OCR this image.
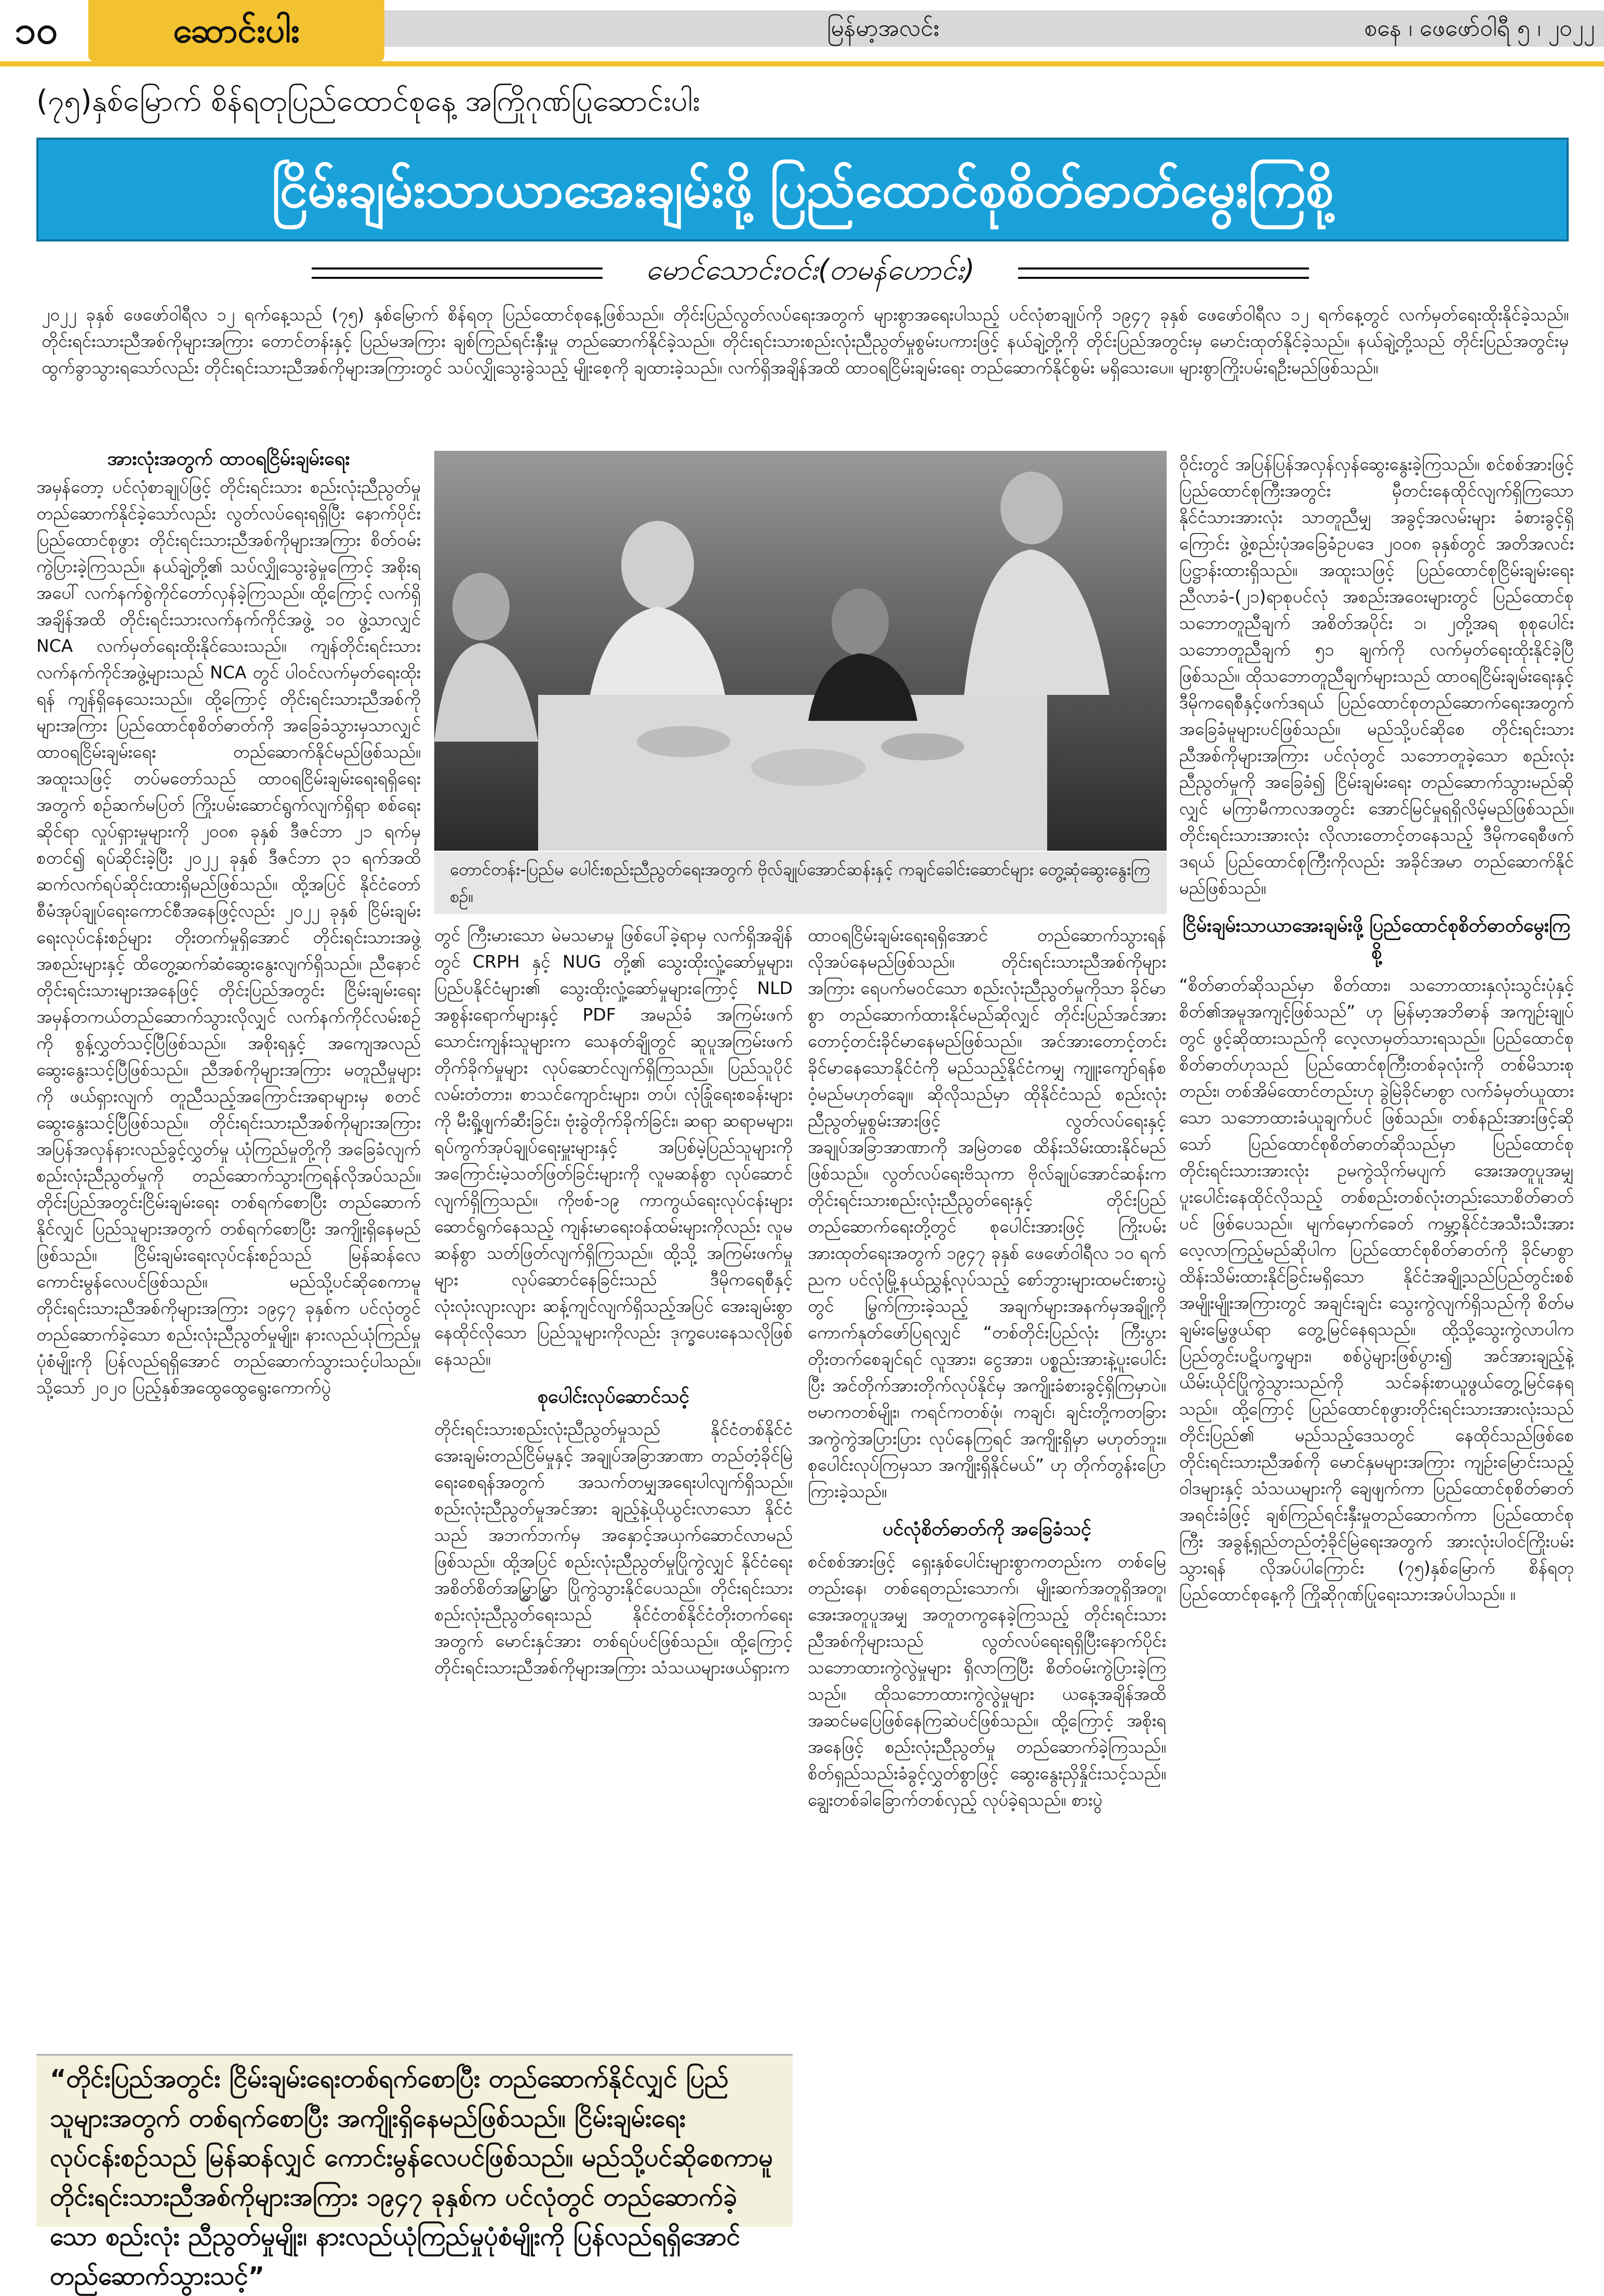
ဆောင်းပါး
၁၀	မြန်မာ့အလင်း	စနေ ၊ ဖေဖော်ဝါရီ ၅ ၊ ၂၀၂၂
(၇၅)နှစ်မြောက် စိန်ရတုပြည်ထောင်စုနေ့ အကြိုဂုဏ်ပြုဆောင်းပါး
ငြိမ်းချမ်းသာယာအေးချမ်းဖို့ ပြည်ထောင်စုစိတ်ဓာတ်မွေးကြစို့
မောင်သောင်းဝင်း(တမန်ဟောင်း)
၂၀၂၂ ခုနှစ် ဖေဖော်ဝါရီလ ၁၂ ရက်နေ့သည် (၇၅) နှစ်မြောက် စိန်ရတု ပြည်ထောင်စုနေ့ဖြစ်သည်။ တိုင်းပြည်လွတ်လပ်ရေးအတွက် များစွာအရေးပါသည့် ပင်လုံစာချုပ်ကို ၁၉၄၇ ခုနှစ် ဖေဖော်ဝါရီလ ၁၂ ရက်နေ့တွင် လက်မှတ်ရေးထိုးနိုင်ခဲ့သည်။ တိုင်းရင်းသားညီအစ်ကိုများအကြား တောင်တန်းနှင့် ပြည်မအကြား ချစ်ကြည်ရင်းနှီးမှု တည်ဆောက်နိုင်ခဲ့သည်။ တိုင်းရင်းသားစည်းလုံးညီညွတ်မှုစွမ်းပကားဖြင့် နယ်ချဲ့တို့ကို တိုင်းပြည်အတွင်းမှ မောင်းထုတ်နိုင်ခဲ့သည်။ နယ်ချဲ့တို့သည် တိုင်းပြည်အတွင်းမှ ထွက်ခွာသွားရသော်လည်း တိုင်းရင်းသားညီအစ်ကိုများအကြားတွင် သပ်လျှိုသွေးခွဲသည့် မျိုးစေ့ကို ချထားခဲ့သည်။ လက်ရှိအချိန်အထိ ထာဝရငြိမ်းချမ်းရေး တည်ဆောက်နိုင်စွမ်း မရှိသေးပေ။ များစွာကြိုးပမ်းရဦးမည်ဖြစ်သည်။
တောင်တန်း-ပြည်မ ပေါင်းစည်းညီညွတ်ရေးအတွက် ဗိုလ်ချုပ်အောင်ဆန်းနှင့် ကချင်ခေါင်းဆောင်များ တွေ့ဆုံဆွေးနွေးကြစဉ်။
အားလုံးအတွက် ထာဝရငြိမ်းချမ်းရေး
အမှန်တော့ ပင်လုံစာချုပ်ဖြင့် တိုင်းရင်းသား စည်းလုံးညီညွတ်မှု တည်ဆောက်နိုင်ခဲ့သော်လည်း လွတ်လပ်ရေးရရှိပြီး နောက်ပိုင်း ပြည်ထောင်စုဖွား တိုင်းရင်းသားညီအစ်ကိုများအကြား စိတ်ဝမ်းကွဲပြားခဲ့ကြသည်။ နယ်ချဲ့တို့၏ သပ်လျှိုသွေးခွဲမှုကြောင့် အစိုးရအပေါ် လက်နက်စွဲကိုင်တော်လှန်ခဲ့ကြသည်။ ထို့ကြောင့် လက်ရှိအချိန်အထိ တိုင်းရင်းသားလက်နက်ကိုင်အဖွဲ့ ၁၀ ဖွဲ့သာလျှင် NCA လက်မှတ်ရေးထိုးနိုင်သေးသည်။ ကျန်တိုင်းရင်းသားလက်နက်ကိုင်အဖွဲ့များသည် NCA တွင် ပါဝင်လက်မှတ်ရေးထိုးရန် ကျန်ရှိနေသေးသည်။ ထို့ကြောင့် တိုင်းရင်းသားညီအစ်ကိုများအကြား ပြည်ထောင်စုစိတ်ဓာတ်ကို အခြေခံသွားမှသာလျှင် ထာဝရငြိမ်းချမ်းရေး တည်ဆောက်နိုင်မည်ဖြစ်သည်။ အထူးသဖြင့် တပ်မတော်သည် ထာဝရငြိမ်းချမ်းရေးရရှိရေးအတွက် စဉ်ဆက်မပြတ် ကြိုးပမ်းဆောင်ရွက်လျက်ရှိရာ စစ်ရေးဆိုင်ရာ လှုပ်ရှားမှုများကို ၂၀၀၈ ခုနှစ် ဒီဇင်ဘာ ၂၁ ရက်မှစတင်၍ ရပ်ဆိုင်းခဲ့ပြီး ၂၀၂၂ ခုနှစ် ဒီဇင်ဘာ ၃၁ ရက်အထိ ဆက်လက်ရပ်ဆိုင်းထားရှိမည်ဖြစ်သည်။ ထို့အပြင် နိုင်ငံတော်စီမံအုပ်ချုပ်ရေးကောင်စီအနေဖြင့်လည်း ၂၀၂၂ ခုနှစ် ငြိမ်းချမ်းရေးလုပ်ငန်းစဉ်များ တိုးတက်မှုရှိအောင် တိုင်းရင်းသားအဖွဲ့အစည်းများနှင့် ထိတွေ့ဆက်ဆံဆွေးနွေးလျက်ရှိသည်။ ညီနောင် တိုင်းရင်းသားများအနေဖြင့် တိုင်းပြည်အတွင်း ငြိမ်းချမ်းရေးအမှန်တကယ်တည်ဆောက်သွားလိုလျှင် လက်နက်ကိုင်လမ်းစဉ်ကို စွန့်လွှတ်သင့်ပြီဖြစ်သည်။ အစိုးရနှင့် အကျေအလည် ဆွေးနွေးသင့်ပြီဖြစ်သည်။ ညီအစ်ကိုများအကြား မတူညီမှုများကို ဖယ်ရှားလျက် တူညီသည့်အကြောင်းအရာများမှ စတင်ဆွေးနွေးသင့်ပြီဖြစ်သည်။ တိုင်းရင်းသားညီအစ်ကိုများအကြား အပြန်အလှန်နားလည်ခွင့်လွှတ်မှု ယုံကြည်မှုတို့ကို အခြေခံလျက် စည်းလုံးညီညွတ်မှုကို တည်ဆောက်သွားကြရန်လိုအပ်သည်။ တိုင်းပြည်အတွင်းငြိမ်းချမ်းရေး တစ်ရက်စောပြီး တည်ဆောက်နိုင်လျှင် ပြည်သူများအတွက် တစ်ရက်စောပြီး အကျိုးရှိနေမည်ဖြစ်သည်။ ငြိမ်းချမ်းရေးလုပ်ငန်းစဉ်သည် မြန်ဆန်လေ ကောင်းမွန်လေပင်ဖြစ်သည်။ မည်သို့ပင်ဆိုစေကာမူ တိုင်းရင်းသားညီအစ်ကိုများအကြား ၁၉၄၇ ခုနှစ်က ပင်လုံတွင် တည်ဆောက်ခဲ့သော စည်းလုံးညီညွတ်မှုမျိုး၊ နားလည်ယုံကြည်မှု ပုံစံမျိုးကို ပြန်လည်ရရှိအောင် တည်ဆောက်သွားသင့်ပါသည်။ သို့သော် ၂၀၂၀ ပြည့်နှစ်အထွေထွေရွေးကောက်ပွဲ
တွင် ကြီးမားသော မဲမသမာမှု ဖြစ်ပေါ်ခဲ့ရာမှ လက်ရှိအချိန်တွင် CRPH နှင့် NUG တို့၏ သွေးထိုးလှုံ့ဆော်မှုများ၊ ပြည်ပနိုင်ငံများ၏ သွေးထိုးလှုံ့ဆော်မှုများကြောင့် NLD အစွန်းရောက်များနှင့် PDF အမည်ခံ အကြမ်းဖက်သောင်းကျန်းသူများက သေနတ်ချိုတွင် ဆူပူအကြမ်းဖက်တိုက်ခိုက်မှုများ လုပ်ဆောင်လျက်ရှိကြသည်။ ပြည်သူပိုင် လမ်းတံတား၊ စာသင်ကျောင်းများ၊ တပ်၊ လုံခြုံရေးစခန်းများကို မီးရှို့ဖျက်ဆီးခြင်း၊ ဗုံးခွဲတိုက်ခိုက်ခြင်း၊ ဆရာ ဆရာမများ၊ ရပ်ကွက်အုပ်ချုပ်ရေးမှူးများနှင့် အပြစ်မဲ့ပြည်သူများကို အကြောင်းမဲ့သတ်ဖြတ်ခြင်းများကို လူမဆန်စွာ လုပ်ဆောင်လျက်ရှိကြသည်။ ကိုဗစ်-၁၉ ကာကွယ်ရေးလုပ်ငန်းများ ဆောင်ရွက်နေသည့် ကျန်းမာရေးဝန်ထမ်းများကိုလည်း လူမဆန်စွာ သတ်ဖြတ်လျက်ရှိကြသည်။ ထို့သို့ အကြမ်းဖက်မှုများ လုပ်ဆောင်နေခြင်းသည် ဒီမိုကရေစီနှင့် လုံးလုံးလျားလျား ဆန့်ကျင်လျက်ရှိသည့်အပြင် အေးချမ်းစွာနေထိုင်လိုသော ပြည်သူများကိုလည်း ဒုက္ခပေးနေသလိုဖြစ်နေသည်။
စုပေါင်းလုပ်ဆောင်သင့်
တိုင်းရင်းသားစည်းလုံးညီညွတ်မှုသည် နိုင်ငံတစ်နိုင်ငံ အေးချမ်းတည်ငြိမ်မှုနှင့် အချုပ်အခြာအာဏာ တည်တံ့ခိုင်မြဲရေးစေရန်အတွက် အသက်တမျှအရေးပါလျက်ရှိသည်။ စည်းလုံးညီညွတ်မှုအင်အား ချည့်နဲ့ယိုယွင်းလာသော နိုင်ငံသည် အဘက်ဘက်မှ အနှောင့်အယှက်ဆောင်လာမည်ဖြစ်သည်။ ထို့အပြင် စည်းလုံးညီညွတ်မှုပြိုကွဲလျှင် နိုင်ငံရေး အစိတ်စိတ်အမြွှာမြွှာ ပြိုကွဲသွားနိုင်ပေသည်။ တိုင်းရင်းသားစည်းလုံးညီညွတ်ရေးသည် နိုင်ငံတစ်နိုင်ငံတိုးတက်ရေးအတွက် မောင်းနှင်အား တစ်ရပ်ပင်ဖြစ်သည်။ ထို့ကြောင့် တိုင်းရင်းသားညီအစ်ကိုများအကြား သံသယများဖယ်ရှားက
ထာဝရငြိမ်းချမ်းရေးရရှိအောင် တည်ဆောက်သွားရန် လိုအပ်နေမည်ဖြစ်သည်။ တိုင်းရင်းသားညီအစ်ကိုများအကြား ရေပက်မဝင်သော စည်းလုံးညီညွတ်မှုကိုသာ ခိုင်မာစွာ တည်ဆောက်ထားနိုင်မည်ဆိုလျှင် တိုင်းပြည်အင်အား တောင့်တင်းခိုင်မာနေမည်ဖြစ်သည်။ အင်အားတောင့်တင်းခိုင်မာနေသောနိုင်ငံကို မည်သည့်နိုင်ငံကမျှ ကျူးကျော်ရန်စဝံ့မည်မဟုတ်ချေ။ ဆိုလိုသည်မှာ ထိုနိုင်ငံသည် စည်းလုံးညီညွတ်မှုစွမ်းအားဖြင့် လွတ်လပ်ရေးနှင့် အချုပ်အခြာအာဏာကို အမြဲတစေ ထိန်းသိမ်းထားနိုင်မည်ဖြစ်သည်။ လွတ်လပ်ရေးဗိသုကာ ဗိုလ်ချုပ်အောင်ဆန်းက တိုင်းရင်းသားစည်းလုံးညီညွတ်ရေးနှင့် တိုင်းပြည်တည်ဆောက်ရေးတို့တွင် စုပေါင်းအားဖြင့် ကြိုးပမ်းအားထုတ်ရေးအတွက် ၁၉၄၇ ခုနှစ် ဖေဖော်ဝါရီလ ၁၀ ရက်ညက ပင်လုံမြို့နယ်ညွှန့်လုပ်သည့် စော်ဘွားများထမင်းစားပွဲတွင် မြွက်ကြားခဲ့သည့် အချက်များအနက်မှအချို့ကို ကောက်နုတ်ဖော်ပြရလျှင် “တစ်တိုင်းပြည်လုံး ကြီးပွားတိုးတက်စေချင်ရင် လူအား၊ ငွေအား၊ ပစ္စည်းအားနဲ့ပူးပေါင်းပြီး အင်တိုက်အားတိုက်လုပ်နိုင်မှ အကျိုးခံစားခွင့်ရှိကြမှာပဲ။ ဗမာကတစ်မျိုး၊ ကရင်ကတစ်ဖုံ၊ ကချင်၊ ချင်းတို့ကတခြား အကွဲကွဲအပြားပြား လုပ်နေကြရင် အကျိုးရှိမှာ မဟုတ်ဘူး။ စုပေါင်းလုပ်ကြမှသာ အကျိုးရှိနိုင်မယ်” ဟု တိုက်တွန်းပြောကြားခဲ့သည်။
ပင်လုံစိတ်ဓာတ်ကို အခြေခံသင့်
စင်စစ်အားဖြင့် ရှေးနှစ်ပေါင်းများစွာကတည်းက တစ်မြေတည်းနေ၊ တစ်ရေတည်းသောက်၊ မျိုးဆက်အတူရှိအတူ၊ အေးအတူပူအမျှ အတူတကွနေခဲ့ကြသည့် တိုင်းရင်းသားညီအစ်ကိုများသည် လွတ်လပ်ရေးရရှိပြီးနောက်ပိုင်း သဘောထားကွဲလွဲမှုများ ရှိလာကြပြီး စိတ်ဝမ်းကွဲပြားခဲ့ကြသည်။ ထိုသဘောထားကွဲလွဲမှုများ ယနေ့အချိန်အထိ အဆင်မပြေဖြစ်နေကြဆဲပင်ဖြစ်သည်။ ထို့ကြောင့် အစိုးရအနေဖြင့် စည်းလုံးညီညွတ်မှု တည်ဆောက်ခဲ့ကြသည်။ စိတ်ရှည်သည်းခံခွင့်လွှတ်စွာဖြင့် ဆွေးနွေးညှိနှိုင်းသင့်သည်။ ချွေးတစ်ခါခြောက်တစ်လှည့် လုပ်ခဲ့ရသည်။ စားပွဲ
ဝိုင်းတွင် အပြန်ပြန်အလှန်လှန်ဆွေးနွေးခဲ့ကြသည်။ စင်စစ်အားဖြင့် ပြည်ထောင်စုကြီးအတွင်း မှီတင်းနေထိုင်လျက်ရှိကြသော နိုင်ငံသားအားလုံး သာတူညီမျှ အခွင့်အလမ်းများ ခံစားခွင့်ရှိကြောင်း ဖွဲ့စည်းပုံအခြေခံဥပဒေ ၂၀၀၈ ခုနှစ်တွင် အတိအလင်း ပြဋ္ဌာန်းထားရှိသည်။ အထူးသဖြင့် ပြည်ထောင်စုငြိမ်းချမ်းရေးညီလာခံ-(၂၁)ရာစုပင်လုံ အစည်းအဝေးများတွင် ပြည်ထောင်စုသဘောတူညီချက် အစိတ်အပိုင်း ၁၊ ၂တို့အရ စုစုပေါင်း သဘောတူညီချက် ၅၁ ချက်ကို လက်မှတ်ရေးထိုးနိုင်ခဲ့ပြီဖြစ်သည်။ ထိုသဘောတူညီချက်များသည် ထာဝရငြိမ်းချမ်းရေးနှင့် ဒီမိုကရေစီနှင့်ဖက်ဒရယ် ပြည်ထောင်စုတည်ဆောက်ရေးအတွက် အခြေခံမူများပင်ဖြစ်သည်။ မည်သို့ပင်ဆိုစေ တိုင်းရင်းသားညီအစ်ကိုများအကြား ပင်လုံတွင် သဘောတူခဲ့သော စည်းလုံးညီညွတ်မှုကို အခြေခံ၍ ငြိမ်းချမ်းရေး တည်ဆောက်သွားမည်ဆိုလျှင် မကြာမီကာလအတွင်း အောင်မြင်မှုရရှိလိမ့်မည်ဖြစ်သည်။ တိုင်းရင်းသားအားလုံး လိုလားတောင့်တနေသည့် ဒီမိုကရေစီဖက်ဒရယ် ပြည်ထောင်စုကြီးကိုလည်း အခိုင်အမာ တည်ဆောက်နိုင်မည်ဖြစ်သည်။
ငြိမ်းချမ်းသာယာအေးချမ်းဖို့ ပြည်ထောင်စုစိတ်ဓာတ်မွေးကြစို့
“စိတ်ဓာတ်ဆိုသည်မှာ စိတ်ထား၊ သဘောထားနှလုံးသွင်းပုံနှင့် စိတ်၏အမူအကျင့်ဖြစ်သည်” ဟု မြန်မာ့အဘိဓာန် အကျဉ်းချုပ်တွင် ဖွင့်ဆိုထားသည်ကို လေ့လာမှတ်သားရသည်။ ပြည်ထောင်စုစိတ်ဓာတ်ဟုသည် ပြည်ထောင်စုကြီးတစ်ခုလုံးကို တစ်မိသားစုတည်း၊ တစ်အိမ်ထောင်တည်းဟု ခွဲမြဲခိုင်မာစွာ လက်ခံမှတ်ယူထားသော သဘောထားခံယူချက်ပင် ဖြစ်သည်။ တစ်နည်းအားဖြင့်ဆိုသော် ပြည်ထောင်စုစိတ်ဓာတ်ဆိုသည်မှာ ပြည်ထောင်စုတိုင်းရင်းသားအားလုံး ဥမကွဲသိုက်မပျက် အေးအတူပူအမျှ ပူးပေါင်းနေထိုင်လိုသည့် တစ်စည်းတစ်လုံးတည်းသောစိတ်ဓာတ်ပင် ဖြစ်ပေသည်။ မျက်မှောက်ခေတ် ကမ္ဘာ့နိုင်ငံအသီးသီးအား လေ့လာကြည့်မည်ဆိုပါက ပြည်ထောင်စုစိတ်ဓာတ်ကို ခိုင်မာစွာထိန်းသိမ်းထားနိုင်ခြင်းမရှိသော နိုင်ငံအချို့သည်ပြည်တွင်းစစ်အမျိုးမျိုးအကြားတွင် အချင်းချင်း သွေးကွဲလျက်ရှိသည်ကို စိတ်မချမ်းမြေ့ဖွယ်ရာ တွေ့မြင်နေရသည်။ ထို့သို့သွေးကွဲလာပါက ပြည်တွင်းပဋိပက္ခများ၊ စစ်ပွဲများဖြစ်ပွား၍ အင်အားချည့်နဲ့ ယိမ်းယိုင်ပြိုကွဲသွားသည်ကို သင်ခန်းစာယူဖွယ်တွေ့မြင်နေရသည်။ ထို့ကြောင့် ပြည်ထောင်စုဖွားတိုင်းရင်းသားအားလုံးသည် တိုင်းပြည်၏ မည်သည့်ဒေသတွင် နေထိုင်သည်ဖြစ်စေ တိုင်းရင်းသားညီအစ်ကို မောင်နှမများအကြား ကျဉ်းမြောင်းသည့်ဝါဒများနှင့် သံသယများကို ချေဖျက်ကာ ပြည်ထောင်စုစိတ်ဓာတ်အရင်းခံဖြင့် ချစ်ကြည်ရင်းနှီးမှုတည်ဆောက်ကာ ပြည်ထောင်စုကြီး အခွန့်ရှည်တည်တံ့ခိုင်မြဲရေးအတွက် အားလုံးပါဝင်ကြိုးပမ်းသွားရန် လိုအပ်ပါကြောင်း (၇၅)နှစ်မြောက် စိန်ရတုပြည်ထောင်စုနေ့ကို ကြိုဆိုဂုဏ်ပြုရေးသားအပ်ပါသည်။ ။
“တိုင်းပြည်အတွင်း ငြိမ်းချမ်းရေးတစ်ရက်စောပြီး တည်ဆောက်နိုင်လျှင် ပြည်သူများအတွက် တစ်ရက်စောပြီး အကျိုးရှိနေမည်ဖြစ်သည်။ ငြိမ်းချမ်းရေးလုပ်ငန်းစဉ်သည် မြန်ဆန်လျှင် ကောင်းမွန်လေပင်ဖြစ်သည်။ မည်သို့ပင်ဆိုစေကာမူ တိုင်းရင်းသားညီအစ်ကိုများအကြား ၁၉၄၇ ခုနှစ်က ပင်လုံတွင် တည်ဆောက်ခဲ့သော စည်းလုံး ညီညွတ်မှုမျိုး၊ နားလည်ယုံကြည်မှုပုံစံမျိုးကို ပြန်လည်ရရှိအောင် တည်ဆောက်သွားသင့်”
